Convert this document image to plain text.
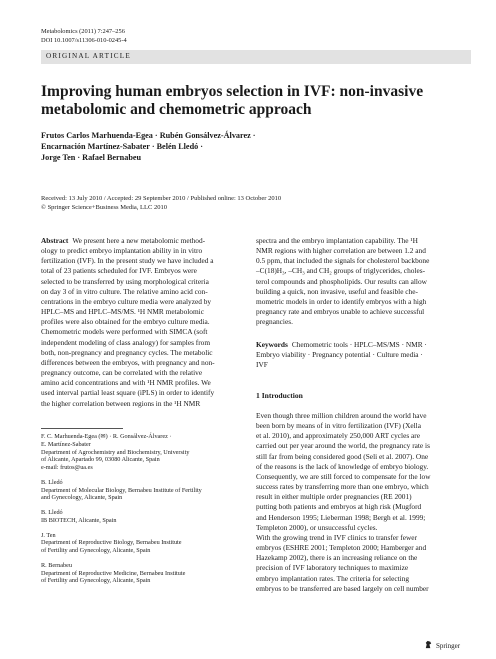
Metabolomics (2011) 7:247–256
DOI 10.1007/s11306-010-0245-4
ORIGINAL ARTICLE
Improving human embryos selection in IVF: non-invasive
metabolomic and chemometric approach
Frutos Carlos Marhuenda-Egea · Rubén Gonsálvez-Álvarez ·
Encarnación Martínez-Sabater · Belén Lledó ·
Jorge Ten · Rafael Bernabeu
Received: 13 July 2010 / Accepted: 29 September 2010 / Published online: 13 October 2010
© Springer Science+Business Media, LLC 2010

Abstract We present here a new metabolomic method-

ology to predict embryo implantation ability in in vitro

fertilization (IVF). In the present study we have included a

total of 23 patients scheduled for IVF. Embryos were

selected to be transferred by using morphological criteria

on day 3 of in vitro culture. The relative amino acid con-

centrations in the embryo culture media were analyzed by

HPLC–MS and HPLC–MS/MS. ¹H NMR metabolomic

profiles were also obtained for the embryo culture media.

Chemometric models were performed with SIMCA (soft

independent modeling of class analogy) for samples from

both, non-pregnancy and pregnancy cycles. The metabolic

differences between the embryos, with pregnancy and non-

pregnancy outcome, can be correlated with the relative

amino acid concentrations and with ¹H NMR profiles. We

used interval partial least square (iPLS) in order to identify

the higher correlation between regions in the ¹H NMR

spectra and the embryo implantation capability. The ¹H

NMR regions with higher correlation are between 1.2 and

0.5 ppm, that included the signals for cholesterol backbone

–C(18)H₃, –CH₃ and CH₂ groups of triglycerides, choles-

terol compounds and phospholipids. Our results can allow

building a quick, non invasive, useful and feasible che-

mometric models in order to identify embryos with a high

pregnancy rate and embryos unable to achieve successful

pregnancies.

Keywords Chemometric tools · HPLC–MS/MS · NMR ·
Embryo viability · Pregnancy potential · Culture media ·
IVF
1 Introduction

Even though three million children around the world have

been born by means of in vitro fertilization (IVF) (Xella

et al. 2010), and approximately 250,000 ART cycles are

carried out per year around the world, the pregnancy rate is

still far from being considered good (Seli et al. 2007). One

of the reasons is the lack of knowledge of embryo biology.

Consequently, we are still forced to compensate for the low

success rates by transferring more than one embryo, which

result in either multiple order pregnancies (RE 2001)

putting both patients and embryos at high risk (Mugford

and Henderson 1995; Lieberman 1998; Bergh et al. 1999;

Templeton 2000), or unsuccessful cycles.

With the growing trend in IVF clinics to transfer fewer

embryos (ESHRE 2001; Templeton 2000; Hamberger and

Hazekamp 2002), there is an increasing reliance on the

precision of IVF laboratory techniques to maximize

embryo implantation rates. The criteria for selecting

embryos to be transferred are based largely on cell number

F. C. Marhuenda-Egea (✉) · R. Gonsálvez-Álvarez ·
E. Martínez-Sabater
Department of Agrochemistry and Biochemistry, University
of Alicante, Apartado 99, 03080 Alicante, Spain
e-mail: frutos@ua.es

B. Lledó
Department of Molecular Biology, Bernabeu Institute of Fertility
and Gynecology, Alicante, Spain

B. Lledó
IB BIOTECH, Alicante, Spain

J. Ten
Department of Reproductive Biology, Bernabeu Institute
of Fertility and Gynecology, Alicante, Spain

R. Bernabeu
Department of Reproductive Medicine, Bernabeu Institute
of Fertility and Gynecology, Alicante, Spain

Springer
